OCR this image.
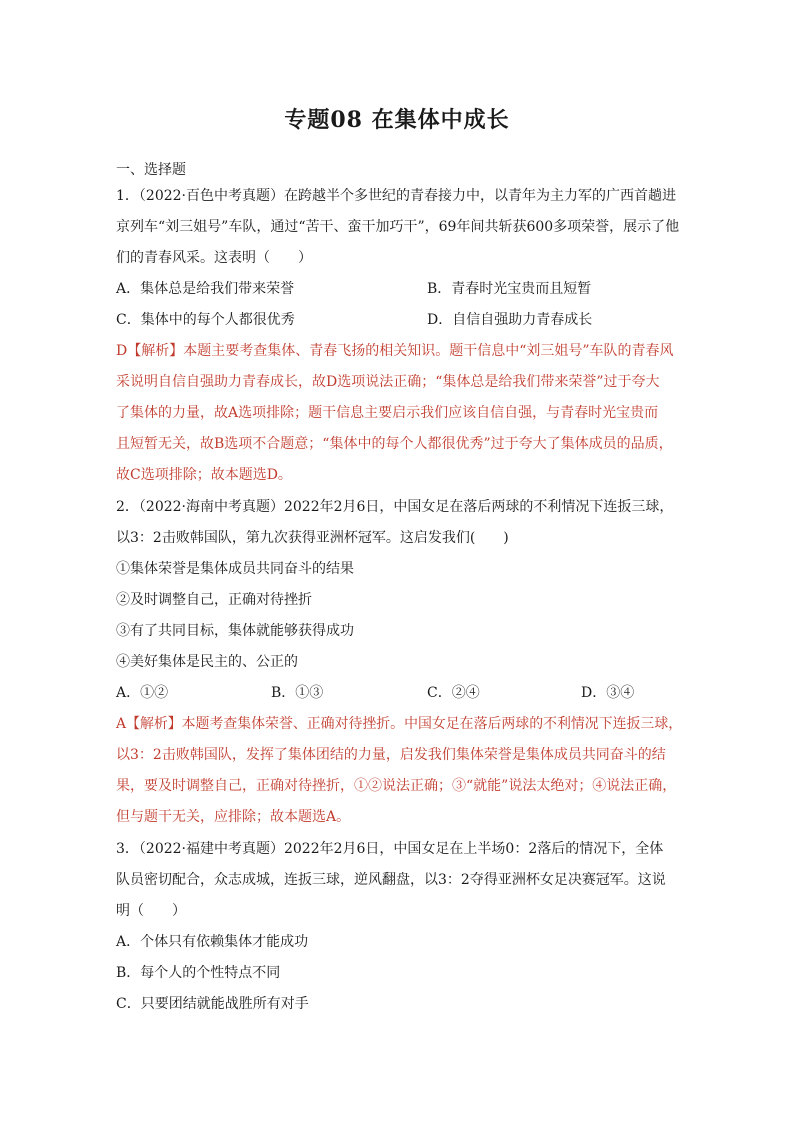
专题08 在集体中成长
一、选择题
1．（2022·百色中考真题）在跨越半个多世纪的青春接力中，以青年为主力军的广西首趟进
京列车“刘三姐号”车队，通过“苦干、蛮干加巧干”，69年间共斩获600多项荣誉，展示了他
们的青春风采。这表明（　　）
A．集体总是给我们带来荣誉	B．青春时光宝贵而且短暂
C．集体中的每个人都很优秀	D．自信自强助力青春成长
D【解析】本题主要考查集体、青春飞扬的相关知识。题干信息中“刘三姐号”车队的青春风
采说明自信自强助力青春成长，故D选项说法正确；“集体总是给我们带来荣誉”过于夸大
了集体的力量，故A选项排除；题干信息主要启示我们应该自信自强，与青春时光宝贵而
且短暂无关，故B选项不合题意；“集体中的每个人都很优秀”过于夸大了集体成员的品质，
故C选项排除；故本题选D。
2．（2022·海南中考真题）2022年2月6日，中国女足在落后两球的不利情况下连扳三球，
以3：2击败韩国队，第九次获得亚洲杯冠军。这启发我们(　　)
①集体荣誉是集体成员共同奋斗的结果
②及时调整自己，正确对待挫折
③有了共同目标，集体就能够获得成功
④美好集体是民主的、公正的
A．①②	B．①③	C．②④	D．③④
A【解析】本题考查集体荣誉、正确对待挫折。中国女足在落后两球的不利情况下连扳三球，
以3：2击败韩国队，发挥了集体团结的力量，启发我们集体荣誉是集体成员共同奋斗的结
果，要及时调整自己，正确对待挫折，①②说法正确；③“就能”说法太绝对；④说法正确，
但与题干无关，应排除；故本题选A。
3．（2022·福建中考真题）2022年2月6日，中国女足在上半场0：2落后的情况下，全体
队员密切配合，众志成城，连扳三球，逆风翻盘，以3：2夺得亚洲杯女足决赛冠军。这说
明（　　）
A．个体只有依赖集体才能成功
B．每个人的个性特点不同
C．只要团结就能战胜所有对手
